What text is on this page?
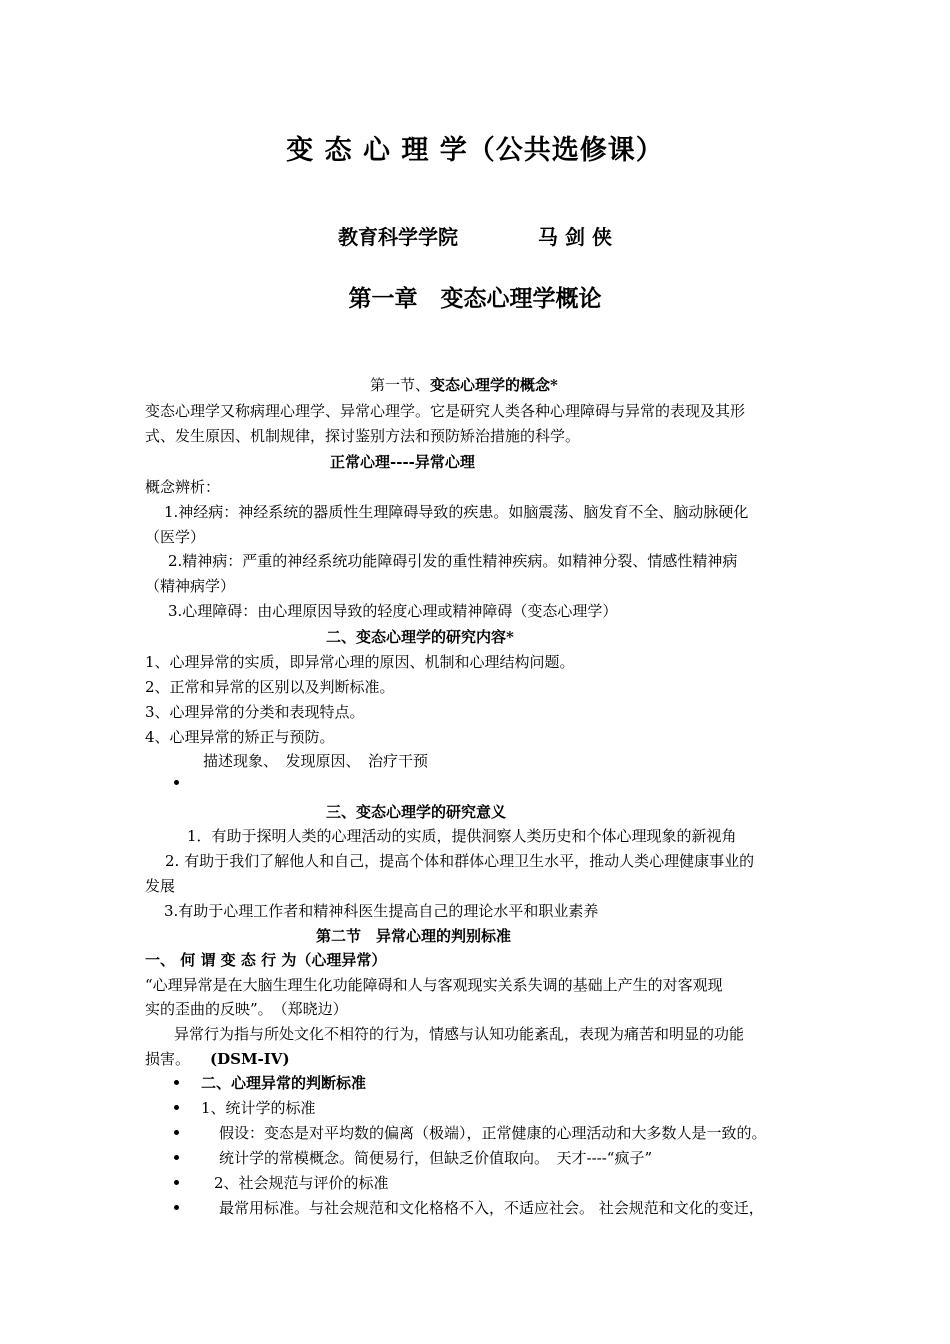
变 态 心 理 学（公共选修课）
教育科学学院　　　　马 剑 侠
第一章　变态心理学概论
第一节、变态心理学的概念*
变态心理学又称病理心理学、异常心理学。它是研究人类各种心理障碍与异常的表现及其形
式、发生原因、机制规律，探讨鉴别方法和预防矫治措施的科学。
正常心理----异常心理
概念辨析：
1.神经病：神经系统的器质性生理障碍导致的疾患。如脑震荡、脑发育不全、脑动脉硬化
（医学）
2.精神病：严重的神经系统功能障碍引发的重性精神疾病。如精神分裂、情感性精神病
（精神病学）
3.心理障碍：由心理原因导致的轻度心理或精神障碍（变态心理学）
二、变态心理学的研究内容*
1、心理异常的实质，即异常心理的原因、机制和心理结构问题。
2、正常和异常的区别以及判断标准。
3、心理异常的分类和表现特点。
4、心理异常的矫正与预防。
描述现象、　发现原因、　治疗干预
三、变态心理学的研究意义
1．有助于探明人类的心理活动的实质，提供洞察人类历史和个体心理现象的新视角
2. 有助于我们了解他人和自己，提高个体和群体心理卫生水平，推动人类心理健康事业的
发展
3.有助于心理工作者和精神科医生提高自己的理论水平和职业素养
第二节　异常心理的判别标准
一、 何 谓 变 态 行 为（心理异常）
“心理异常是在大脑生理生化功能障碍和人与客观现实关系失调的基础上产生的对客观现
实的歪曲的反映”。　（郑晓边）
异常行为指与所处文化不相符的行为，情感与认知功能紊乱，表现为痛苦和明显的功能
损害。 (DSM-IV)
二、心理异常的判断标准
1、统计学的标准
假设：变态是对平均数的偏离（极端），正常健康的心理活动和大多数人是一致的。
统计学的常模概念。简便易行，但缺乏价值取向。　天才----“疯子”
2、社会规范与评价的标准
最常用标准。与社会规范和文化格格不入，不适应社会。 社会规范和文化的变迁，
